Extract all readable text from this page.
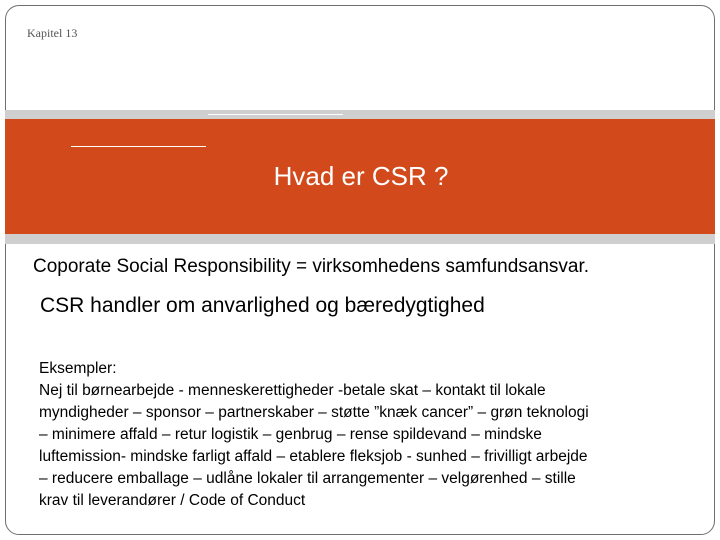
Kapitel 13
Hvad er CSR ?
Coporate Social Responsibility = virksomhedens samfundsansvar.
CSR handler om anvarlighed og bæredygtighed
Eksempler:
Nej til børnearbejde - menneskerettigheder -betale skat – kontakt til lokale
myndigheder – sponsor – partnerskaber – støtte ”knæk cancer” – grøn teknologi
– minimere affald – retur logistik – genbrug – rense spildevand – mindske
luftemission- mindske farligt affald – etablere fleksjob - sunhed – frivilligt arbejde
– reducere emballage – udlåne lokaler til arrangementer – velgørenhed – stille
krav til leverandører / Code of Conduct
